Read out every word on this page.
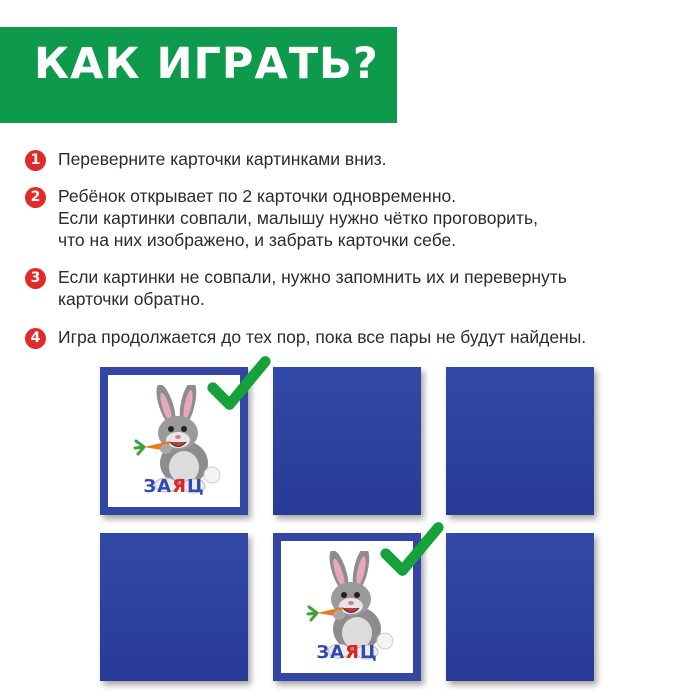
КАК ИГРАТЬ?
1	Переверните карточки картинками вниз.

2	Ребёнок открывает по 2 карточки одновременно.
Если картинки совпали, малышу нужно чётко проговорить,
что на них изображено, и забрать карточки себе.

3	Если картинки не совпали, нужно запомнить их и перевернуть
карточки обратно.

4	Игра продолжается до тех пор, пока все пары не будут найдены.

ЗАЯЦ
ЗАЯЦ
